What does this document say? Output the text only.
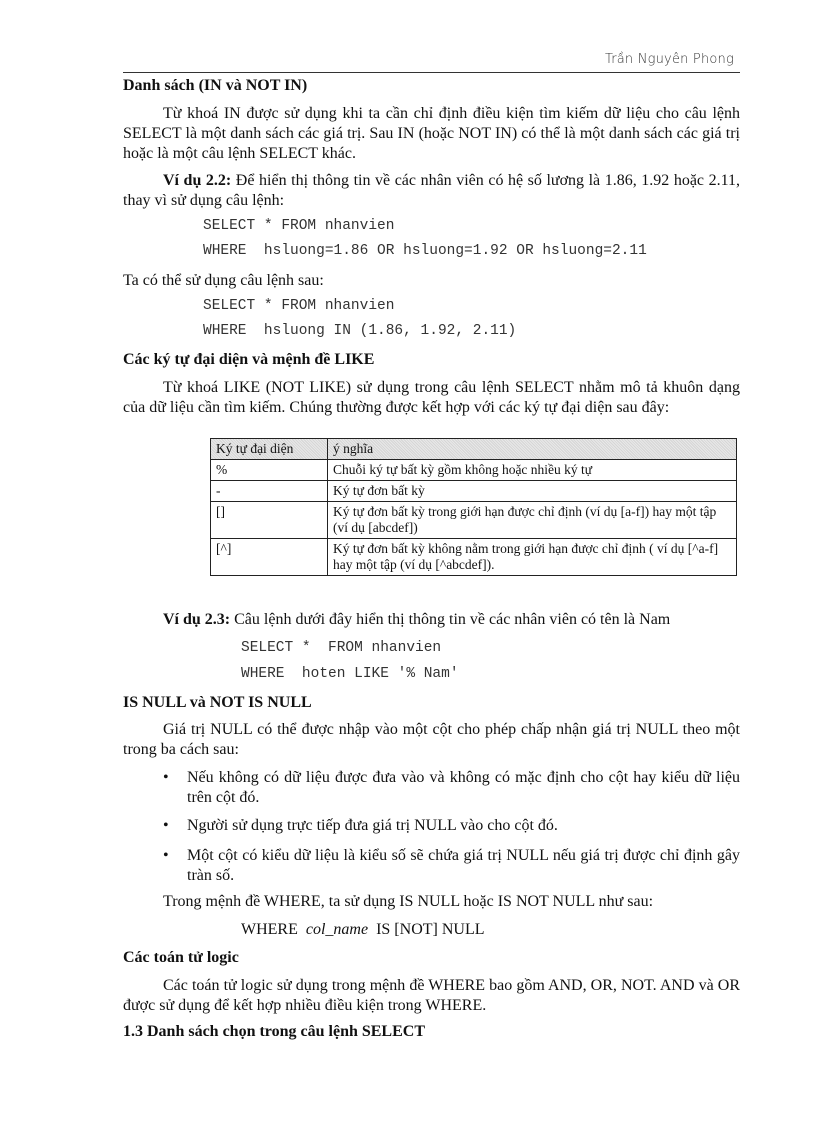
Trần Nguyên Phong

Danh sách (IN và NOT IN)

Từ khoá IN được sử dụng khi ta cần chỉ định điều kiện tìm kiếm dữ liệu cho câu lệnh SELECT là một danh sách các giá trị. Sau IN (hoặc NOT IN) có thể là một danh sách các giá trị hoặc là một câu lệnh SELECT khác.

Ví dụ 2.2: Để hiển thị thông tin về các nhân viên có hệ số lương là 1.86, 1.92 hoặc 2.11, thay vì sử dụng câu lệnh:

SELECT * FROM nhanvien
WHERE  hsluong=1.86 OR hsluong=1.92 OR hsluong=2.11

Ta có thể sử dụng câu lệnh sau:

SELECT * FROM nhanvien
WHERE  hsluong IN (1.86, 1.92, 2.11)

Các ký tự đại diện và mệnh đề LIKE

Từ khoá LIKE (NOT LIKE) sử dụng trong câu lệnh SELECT nhằm mô tả khuôn dạng của dữ liệu cần tìm kiếm. Chúng thường được kết hợp với các ký tự đại diện sau đây:

Ký tự đại diện	ý nghĩa
%	Chuỗi ký tự bất kỳ gồm không hoặc nhiều ký tự
-	Ký tự đơn bất kỳ
[]	Ký tự đơn bất kỳ trong giới hạn được chỉ định (ví dụ [a-f]) hay một tập (ví dụ [abcdef])
[^]	Ký tự đơn bất kỳ không nằm trong giới hạn được chỉ định ( ví dụ [^a-f] hay một tập (ví dụ [^abcdef]).

Ví dụ 2.3: Câu lệnh dưới đây hiển thị thông tin về các nhân viên có tên là Nam

SELECT *  FROM nhanvien
WHERE  hoten LIKE '% Nam'

IS NULL và NOT IS NULL

Giá trị NULL có thể được nhập vào một cột cho phép chấp nhận giá trị NULL theo một trong ba cách sau:

• Nếu không có dữ liệu được đưa vào và không có mặc định cho cột hay kiểu dữ liệu trên cột đó.
• Người sử dụng trực tiếp đưa giá trị NULL vào cho cột đó.
• Một cột có kiểu dữ liệu là kiểu số sẽ chứa giá trị NULL nếu giá trị được chỉ định gây tràn số.

Trong mệnh đề WHERE, ta sử dụng IS NULL hoặc IS NOT NULL như sau:

WHERE col_name IS [NOT] NULL

Các toán tử logic

Các toán tử logic sử dụng trong mệnh đề WHERE bao gồm AND, OR, NOT. AND và OR được sử dụng để kết hợp nhiều điều kiện trong WHERE.

1.3 Danh sách chọn trong câu lệnh SELECT
